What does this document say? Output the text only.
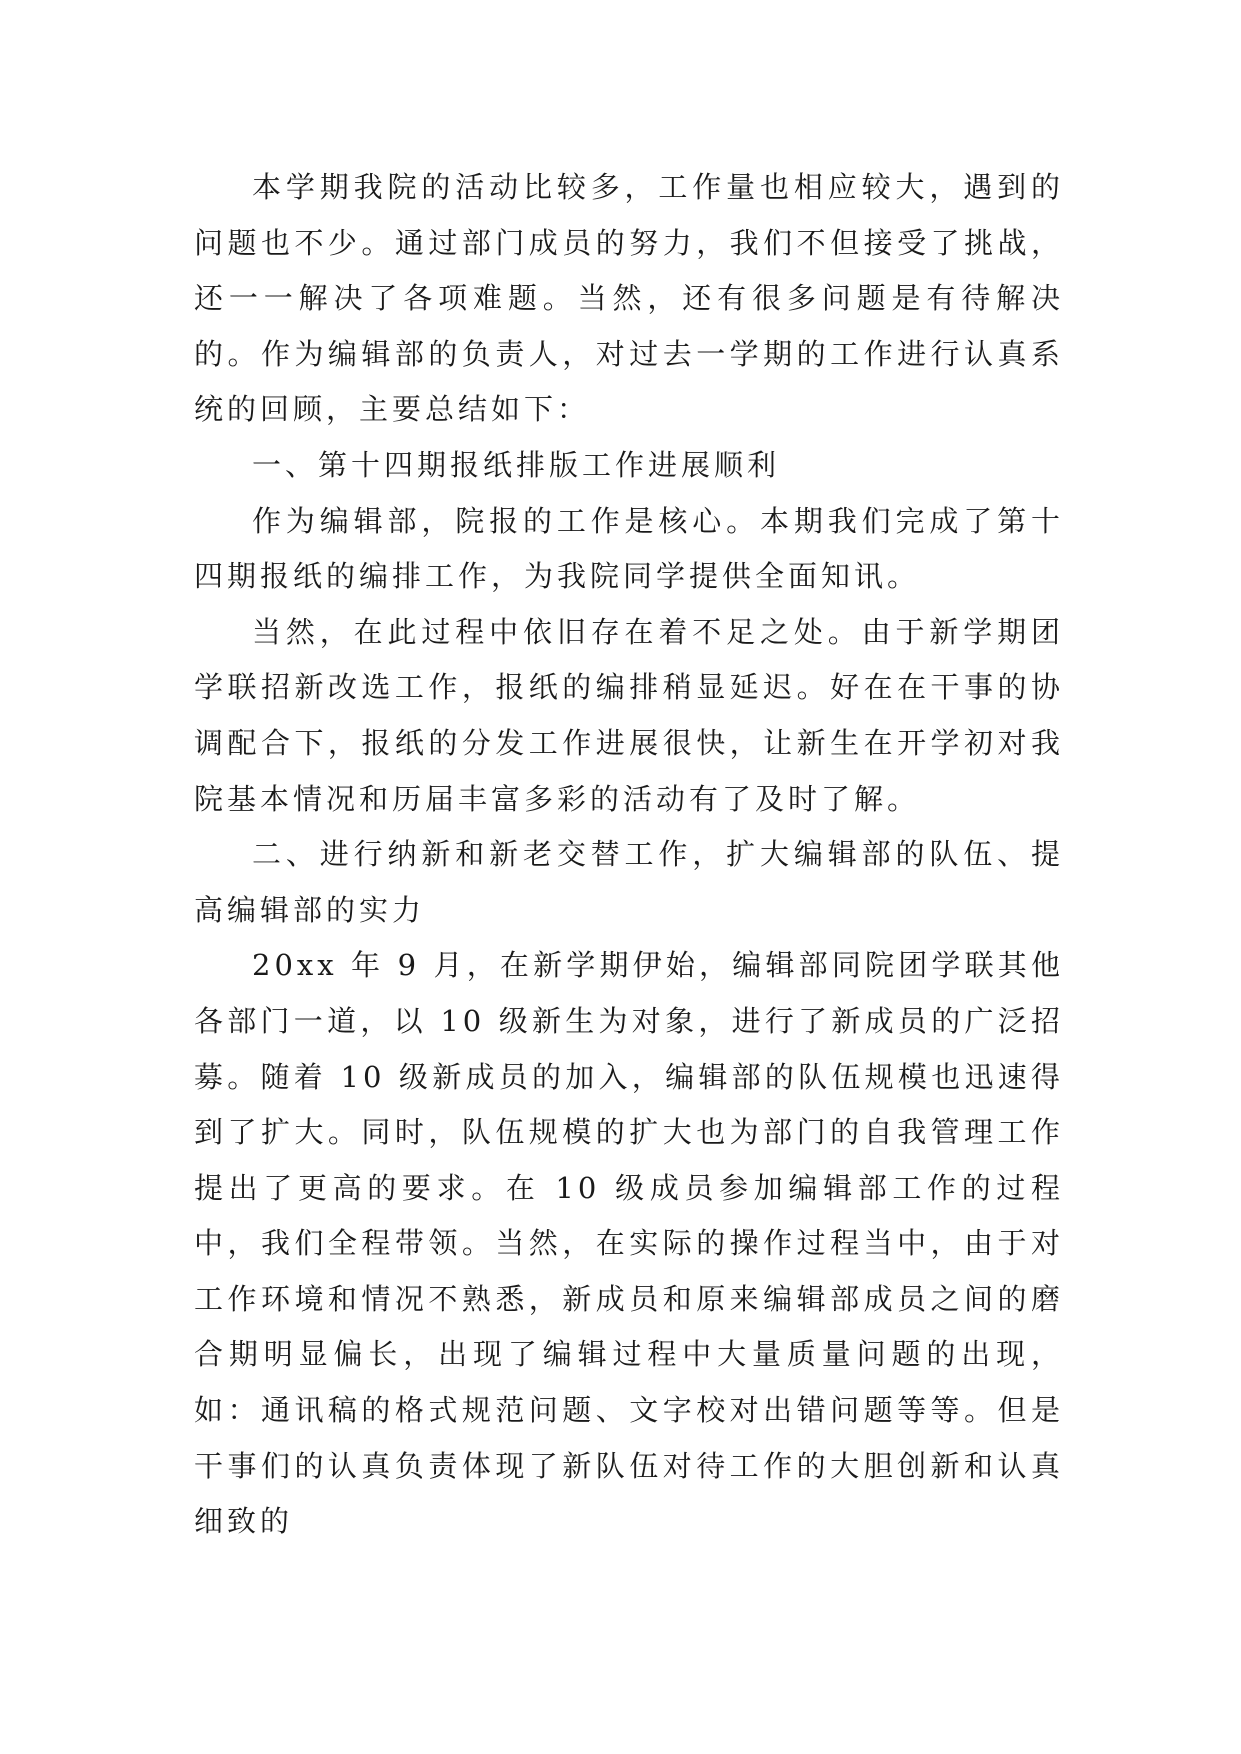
本学期我院的活动比较多，工作量也相应较大，遇到的问题也不少。通过部门成员的努力，我们不但接受了挑战，还一一解决了各项难题。当然，还有很多问题是有待解决的。作为编辑部的负责人，对过去一学期的工作进行认真系统的回顾，主要总结如下：

一、第十四期报纸排版工作进展顺利

作为编辑部，院报的工作是核心。本期我们完成了第十四期报纸的编排工作，为我院同学提供全面知讯。

当然，在此过程中依旧存在着不足之处。由于新学期团学联招新改选工作，报纸的编排稍显延迟。好在在干事的协调配合下，报纸的分发工作进展很快，让新生在开学初对我院基本情况和历届丰富多彩的活动有了及时了解。

二、进行纳新和新老交替工作，扩大编辑部的队伍、提高编辑部的实力

20xx 年 9 月，在新学期伊始，编辑部同院团学联其他各部门一道，以 10 级新生为对象，进行了新成员的广泛招募。随着 10 级新成员的加入，编辑部的队伍规模也迅速得到了扩大。同时，队伍规模的扩大也为部门的自我管理工作提出了更高的要求。在 10 级成员参加编辑部工作的过程中，我们全程带领。当然，在实际的操作过程当中，由于对工作环境和情况不熟悉，新成员和原来编辑部成员之间的磨合期明显偏长，出现了编辑过程中大量质量问题的出现，如：通讯稿的格式规范问题、文字校对出错问题等等。但是干事们的认真负责体现了新队伍对待工作的大胆创新和认真细致的
